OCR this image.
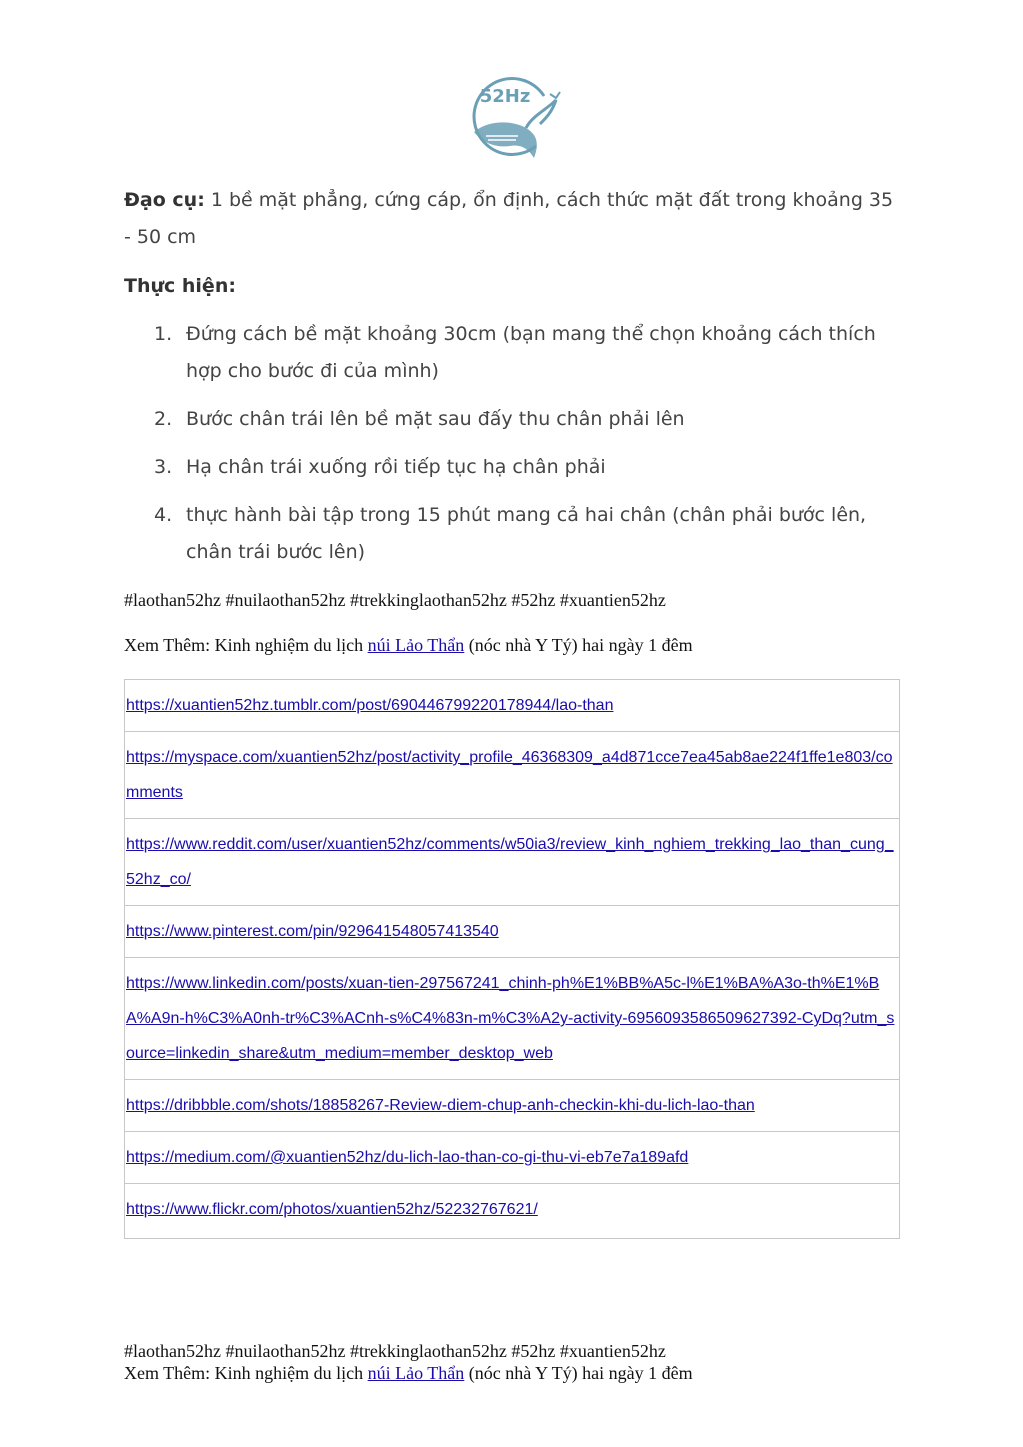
52Hz
Đạo cụ: 1 bề mặt phẳng, cứng cáp, ổn định, cách thức mặt đất trong khoảng 35 - 50 cm
Thực hiện:
1. Đứng cách bề mặt khoảng 30cm (bạn mang thể chọn khoảng cách thích hợp cho bước đi của mình)
2. Bước chân trái lên bề mặt sau đấy thu chân phải lên
3. Hạ chân trái xuống rồi tiếp tục hạ chân phải
4. thực hành bài tập trong 15 phút mang cả hai chân (chân phải bước lên, chân trái bước lên)
#laothan52hz #nuilaothan52hz #trekkinglaothan52hz #52hz #xuantien52hz
Xem Thêm: Kinh nghiệm du lịch núi Lảo Thẩn (nóc nhà Y Tý) hai ngày 1 đêm
https://xuantien52hz.tumblr.com/post/690446799220178944/lao-than
https://myspace.com/xuantien52hz/post/activity_profile_46368309_a4d871cce7ea45ab8ae224f1ffe1e803/comments
https://www.reddit.com/user/xuantien52hz/comments/w50ia3/review_kinh_nghiem_trekking_lao_than_cung_52hz_co/
https://www.pinterest.com/pin/929641548057413540
https://www.linkedin.com/posts/xuan-tien-297567241_chinh-ph%E1%BB%A5c-l%E1%BA%A3o-th%E1%BA%A9n-h%C3%A0nh-tr%C3%ACnh-s%C4%83n-m%C3%A2y-activity-6956093586509627392-CyDq?utm_source=linkedin_share&utm_medium=member_desktop_web
https://dribbble.com/shots/18858267-Review-diem-chup-anh-checkin-khi-du-lich-lao-than
https://medium.com/@xuantien52hz/du-lich-lao-than-co-gi-thu-vi-eb7e7a189afd
https://www.flickr.com/photos/xuantien52hz/52232767621/
#laothan52hz #nuilaothan52hz #trekkinglaothan52hz #52hz #xuantien52hz
Xem Thêm: Kinh nghiệm du lịch núi Lảo Thẩn (nóc nhà Y Tý) hai ngày 1 đêm
